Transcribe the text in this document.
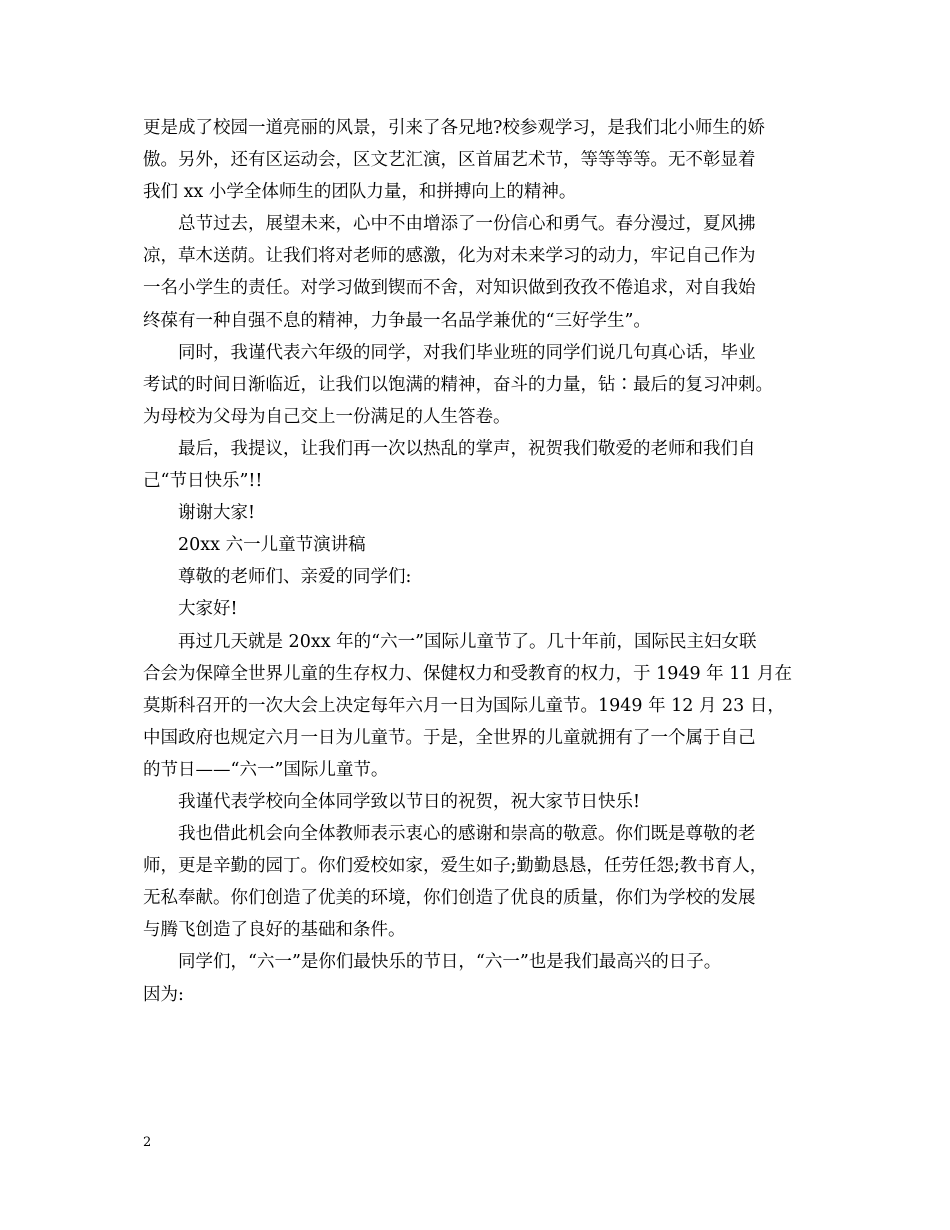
更是成了校园一道亮丽的风景，引来了各兄地?校参观学习，是我们北小师生的娇
傲。另外，还有区运动会，区文艺汇演，区首届艺术节，等等等等。无不彰显着
我们 xx 小学全体师生的团队力量，和拼搏向上的精神。
总节过去，展望未来，心中不由增添了一份信心和勇气。春分漫过，夏风拂
凉，草木送荫。让我们将对老师的感激，化为对未来学习的动力，牢记自己作为
一名小学生的责任。对学习做到锲而不舍，对知识做到孜孜不倦追求，对自我始
终葆有一种自强不息的精神，力争最一名品学兼优的“三好学生”。
同时，我谨代表六年级的同学，对我们毕业班的同学们说几句真心话，毕业
考试的时间日渐临近，让我们以饱满的精神，奋斗的力量，钻∶最后的复习冲刺。
为母校为父母为自己交上一份满足的人生答卷。
最后，我提议，让我们再一次以热乱的掌声，祝贺我们敬爱的老师和我们自
己“节日快乐”!!
谢谢大家!
20xx 六一儿童节演讲稿
尊敬的老师们、亲爱的同学们:
大家好!
再过几天就是 20xx 年的“六一”国际儿童节了。几十年前，国际民主妇女联
合会为保障全世界儿童的生存权力、保健权力和受教育的权力，于 1949 年 11 月在
莫斯科召开的一次大会上决定每年六月一日为国际儿童节。1949 年 12 月 23 日，
中国政府也规定六月一日为儿童节。于是，全世界的儿童就拥有了一个属于自己
的节日——“六一”国际儿童节。
我谨代表学校向全体同学致以节日的祝贺，祝大家节日快乐!
我也借此机会向全体教师表示衷心的感谢和崇高的敬意。你们既是尊敬的老
师，更是辛勤的园丁。你们爱校如家，爱生如子;勤勤恳恳，任劳任怨;教书育人，
无私奉献。你们创造了优美的环境，你们创造了优良的质量，你们为学校的发展
与腾飞创造了良好的基础和条件。
同学们，“六一”是你们最快乐的节日，“六一”也是我们最高兴的日子。
因为:
2
